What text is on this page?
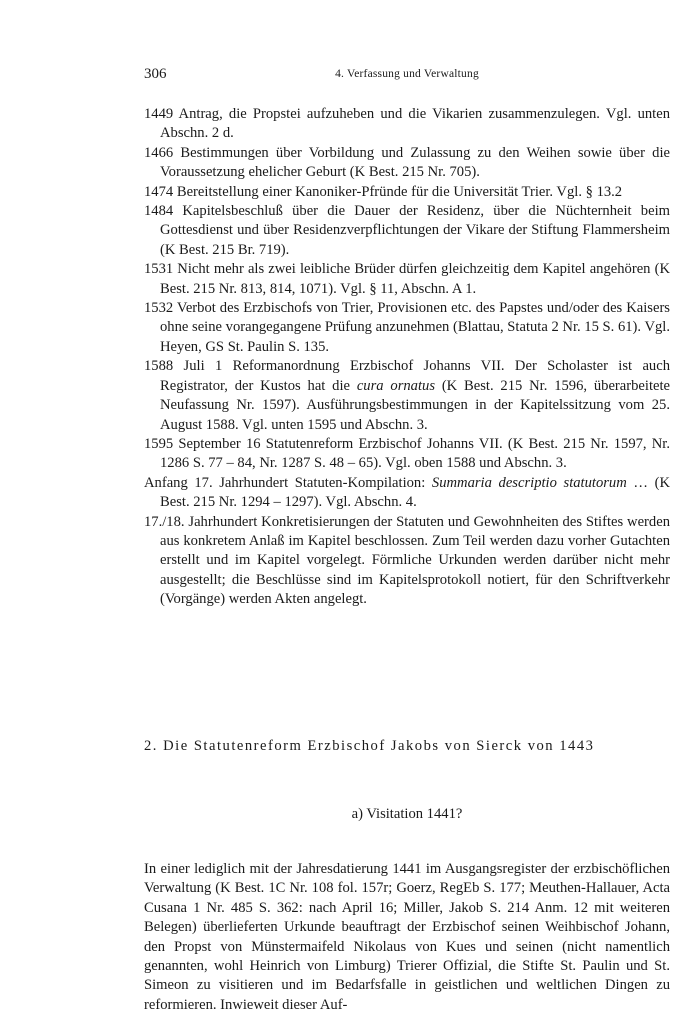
306	4. Verfassung und Verwaltung

1449 Antrag, die Propstei aufzuheben und die Vikarien zusammenzulegen. Vgl. unten Abschn. 2 d.

1466 Bestimmungen über Vorbildung und Zulassung zu den Weihen sowie über die Voraussetzung ehelicher Geburt (K Best. 215 Nr. 705).

1474 Bereitstellung einer Kanoniker-Pfründe für die Universität Trier. Vgl. § 13.2

1484 Kapitelsbeschluß über die Dauer der Residenz, über die Nüchternheit beim Gottesdienst und über Residenzverpflichtungen der Vikare der Stiftung Flammersheim (K Best. 215 Br. 719).

1531 Nicht mehr als zwei leibliche Brüder dürfen gleichzeitig dem Kapitel angehören (K Best. 215 Nr. 813, 814, 1071). Vgl. § 11, Abschn. A 1.

1532 Verbot des Erzbischofs von Trier, Provisionen etc. des Papstes und/oder des Kaisers ohne seine vorangegangene Prüfung anzunehmen (Blattau, Statuta 2 Nr. 15 S. 61). Vgl. Heyen, GS St. Paulin S. 135.

1588 Juli 1 Reformanordnung Erzbischof Johanns VII. Der Scholaster ist auch Registrator, der Kustos hat die cura ornatus (K Best. 215 Nr. 1596, überarbeitete Neufassung Nr. 1597). Ausführungsbestimmungen in der Kapitelssitzung vom 25. August 1588. Vgl. unten 1595 und Abschn. 3.

1595 September 16 Statutenreform Erzbischof Johanns VII. (K Best. 215 Nr. 1597, Nr. 1286 S. 77 – 84, Nr. 1287 S. 48 – 65). Vgl. oben 1588 und Abschn. 3.

Anfang 17. Jahrhundert Statuten-Kompilation: Summaria descriptio statutorum … (K Best. 215 Nr. 1294 – 1297). Vgl. Abschn. 4.

17./18. Jahrhundert Konkretisierungen der Statuten und Gewohnheiten des Stiftes werden aus konkretem Anlaß im Kapitel beschlossen. Zum Teil werden dazu vorher Gutachten erstellt und im Kapitel vorgelegt. Förmliche Urkunden werden darüber nicht mehr ausgestellt; die Beschlüsse sind im Kapitelsprotokoll notiert, für den Schriftverkehr (Vorgänge) werden Akten angelegt.

2. Die Statutenreform Erzbischof Jakobs von Sierck von 1443
a) Visitation 1441?

In einer lediglich mit der Jahresdatierung 1441 im Ausgangsregister der erzbischöflichen Verwaltung (K Best. 1C Nr. 108 fol. 157r; Goerz, RegEb S. 177; Meuthen-Hallauer, Acta Cusana 1 Nr. 485 S. 362: nach April 16; Miller, Jakob S. 214 Anm. 12 mit weiteren Belegen) überlieferten Urkunde beauftragt der Erzbischof seinen Weihbischof Johann, den Propst von Münstermaifeld Nikolaus von Kues und seinen (nicht namentlich genannten, wohl Heinrich von Limburg) Trierer Offizial, die Stifte St. Paulin und St. Simeon zu visitieren und im Bedarfsfalle in geistlichen und weltlichen Dingen zu reformieren. Inwieweit dieser Auf-
